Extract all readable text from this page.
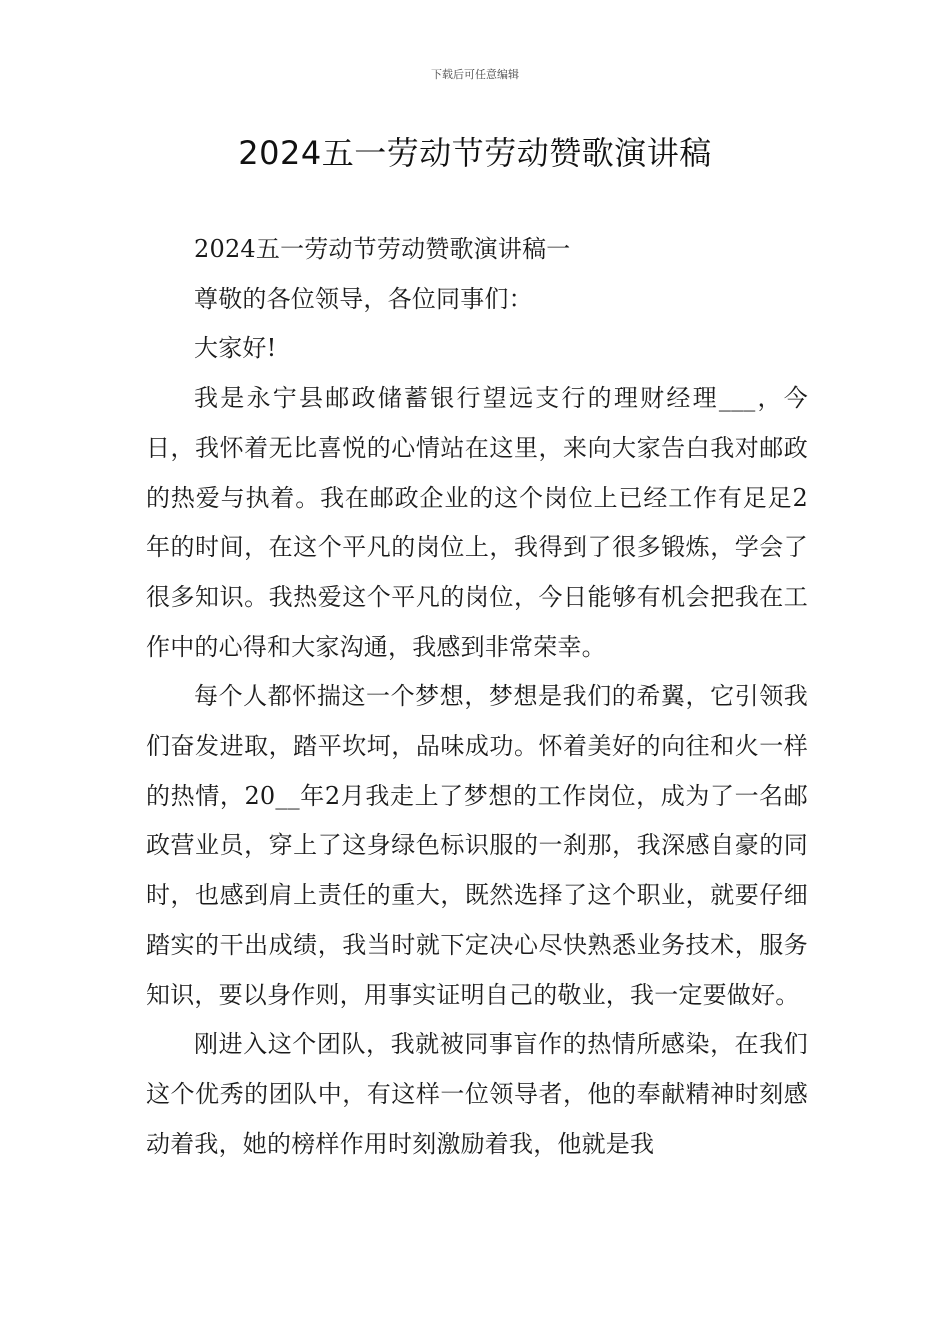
下载后可任意编辑
2024五一劳动节劳动赞歌演讲稿

2024五一劳动节劳动赞歌演讲稿一

尊敬的各位领导，各位同事们：

大家好!

我是永宁县邮政储蓄银行望远支行的理财经理___，今日，我怀着无比喜悦的心情站在这里，来向大家告白我对邮政的热爱与执着。我在邮政企业的这个岗位上已经工作有足足2年的时间，在这个平凡的岗位上，我得到了很多锻炼，学会了很多知识。我热爱这个平凡的岗位，今日能够有机会把我在工作中的心得和大家沟通，我感到非常荣幸。

每个人都怀揣这一个梦想，梦想是我们的希翼，它引领我们奋发进取，踏平坎坷，品味成功。怀着美好的向往和火一样的热情，20__年2月我走上了梦想的工作岗位，成为了一名邮政营业员，穿上了这身绿色标识服的一刹那，我深感自豪的同时，也感到肩上责任的重大，既然选择了这个职业，就要仔细踏实的干出成绩，我当时就下定决心尽快熟悉业务技术，服务知识，要以身作则，用事实证明自己的敬业，我一定要做好。

刚进入这个团队，我就被同事盲作的热情所感染，在我们这个优秀的团队中，有这样一位领导者，他的奉献精神时刻感动着我，她的榜样作用时刻激励着我，他就是我
